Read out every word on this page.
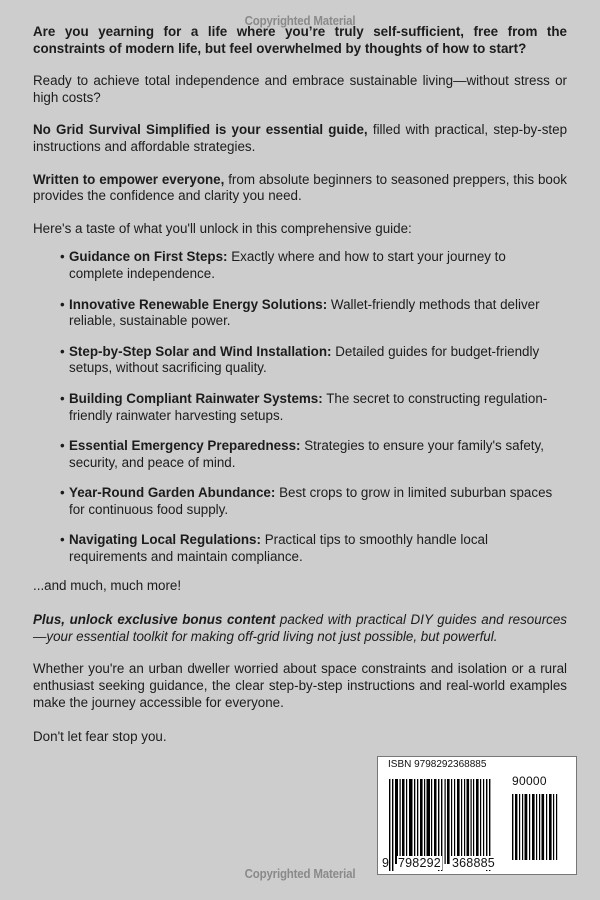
Copyrighted Material

Are you yearning for a life where you’re truly self-sufficient, free from the constraints of modern life, but feel overwhelmed by thoughts of how to start?

Ready to achieve total independence and embrace sustainable living—without stress or high costs?

No Grid Survival Simplified is your essential guide, filled with practical, step-by-step instructions and affordable strategies.

Written to empower everyone, from absolute beginners to seasoned preppers, this book provides the confidence and clarity you need.

Here's a taste of what you'll unlock in this comprehensive guide:

• Guidance on First Steps: Exactly where and how to start your journey to complete independence.
• Innovative Renewable Energy Solutions: Wallet-friendly methods that deliver reliable, sustainable power.
• Step-by-Step Solar and Wind Installation: Detailed guides for budget-friendly setups, without sacrificing quality.
• Building Compliant Rainwater Systems: The secret to constructing regulation-friendly rainwater harvesting setups.
• Essential Emergency Preparedness: Strategies to ensure your family's safety, security, and peace of mind.
• Year-Round Garden Abundance: Best crops to grow in limited suburban spaces for continuous food supply.
• Navigating Local Regulations: Practical tips to smoothly handle local requirements and maintain compliance.

...and much, much more!

Plus, unlock exclusive bonus content packed with practical DIY guides and resources—your essential toolkit for making off-grid living not just possible, but powerful.

Whether you're an urban dweller worried about space constraints and isolation or a rural enthusiast seeking guidance, the clear step-by-step instructions and real-world examples make the journey accessible for everyone.

Don't let fear stop you.

Copyrighted Material
ISBN 9798292368885
90000
9 798292 368885
